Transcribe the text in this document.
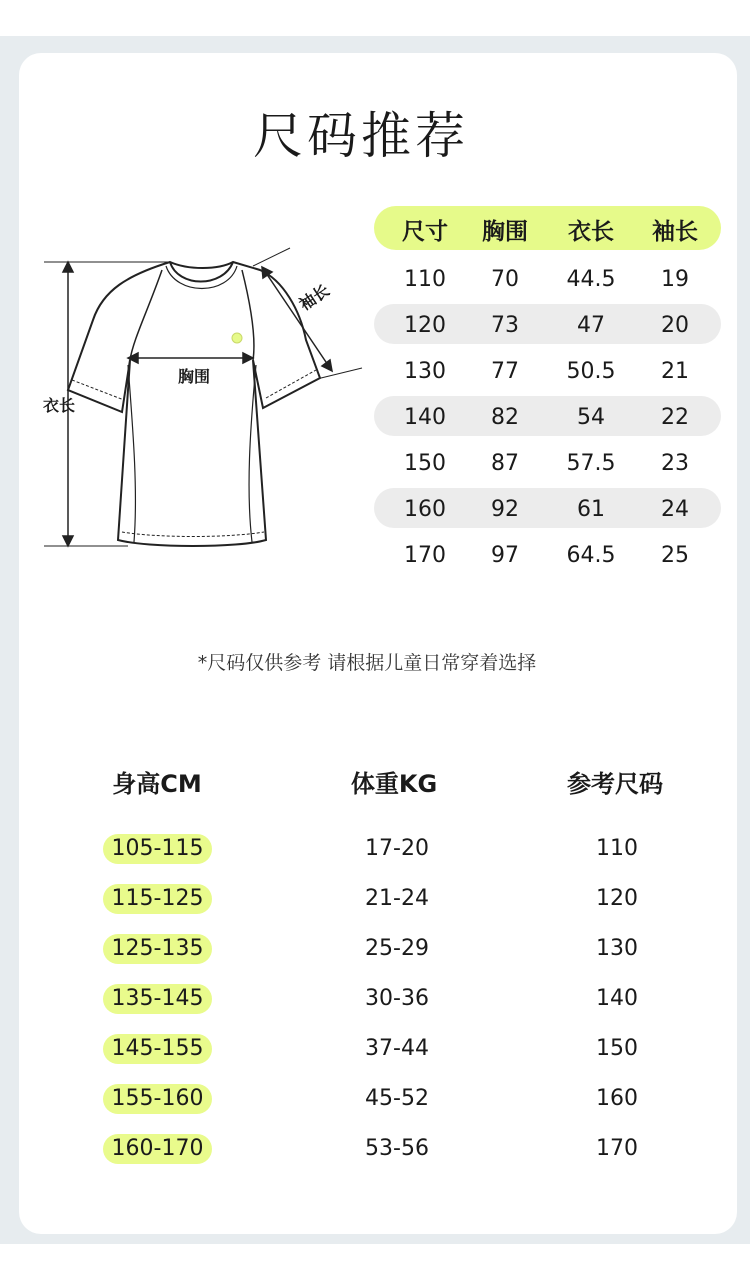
尺码推荐
胸围
衣长
袖长
尺寸	胸围	衣长	袖长
110	70	44.5	19
120	73	47	20
130	77	50.5	21
140	82	54	22
150	87	57.5	23
160	92	61	24
170	97	64.5	25
*尺码仅供参考 请根据儿童日常穿着选择
身高CM	体重KG	参考尺码
105-115	17-20	110
115-125	21-24	120
125-135	25-29	130
135-145	30-36	140
145-155	37-44	150
155-160	45-52	160
160-170	53-56	170
